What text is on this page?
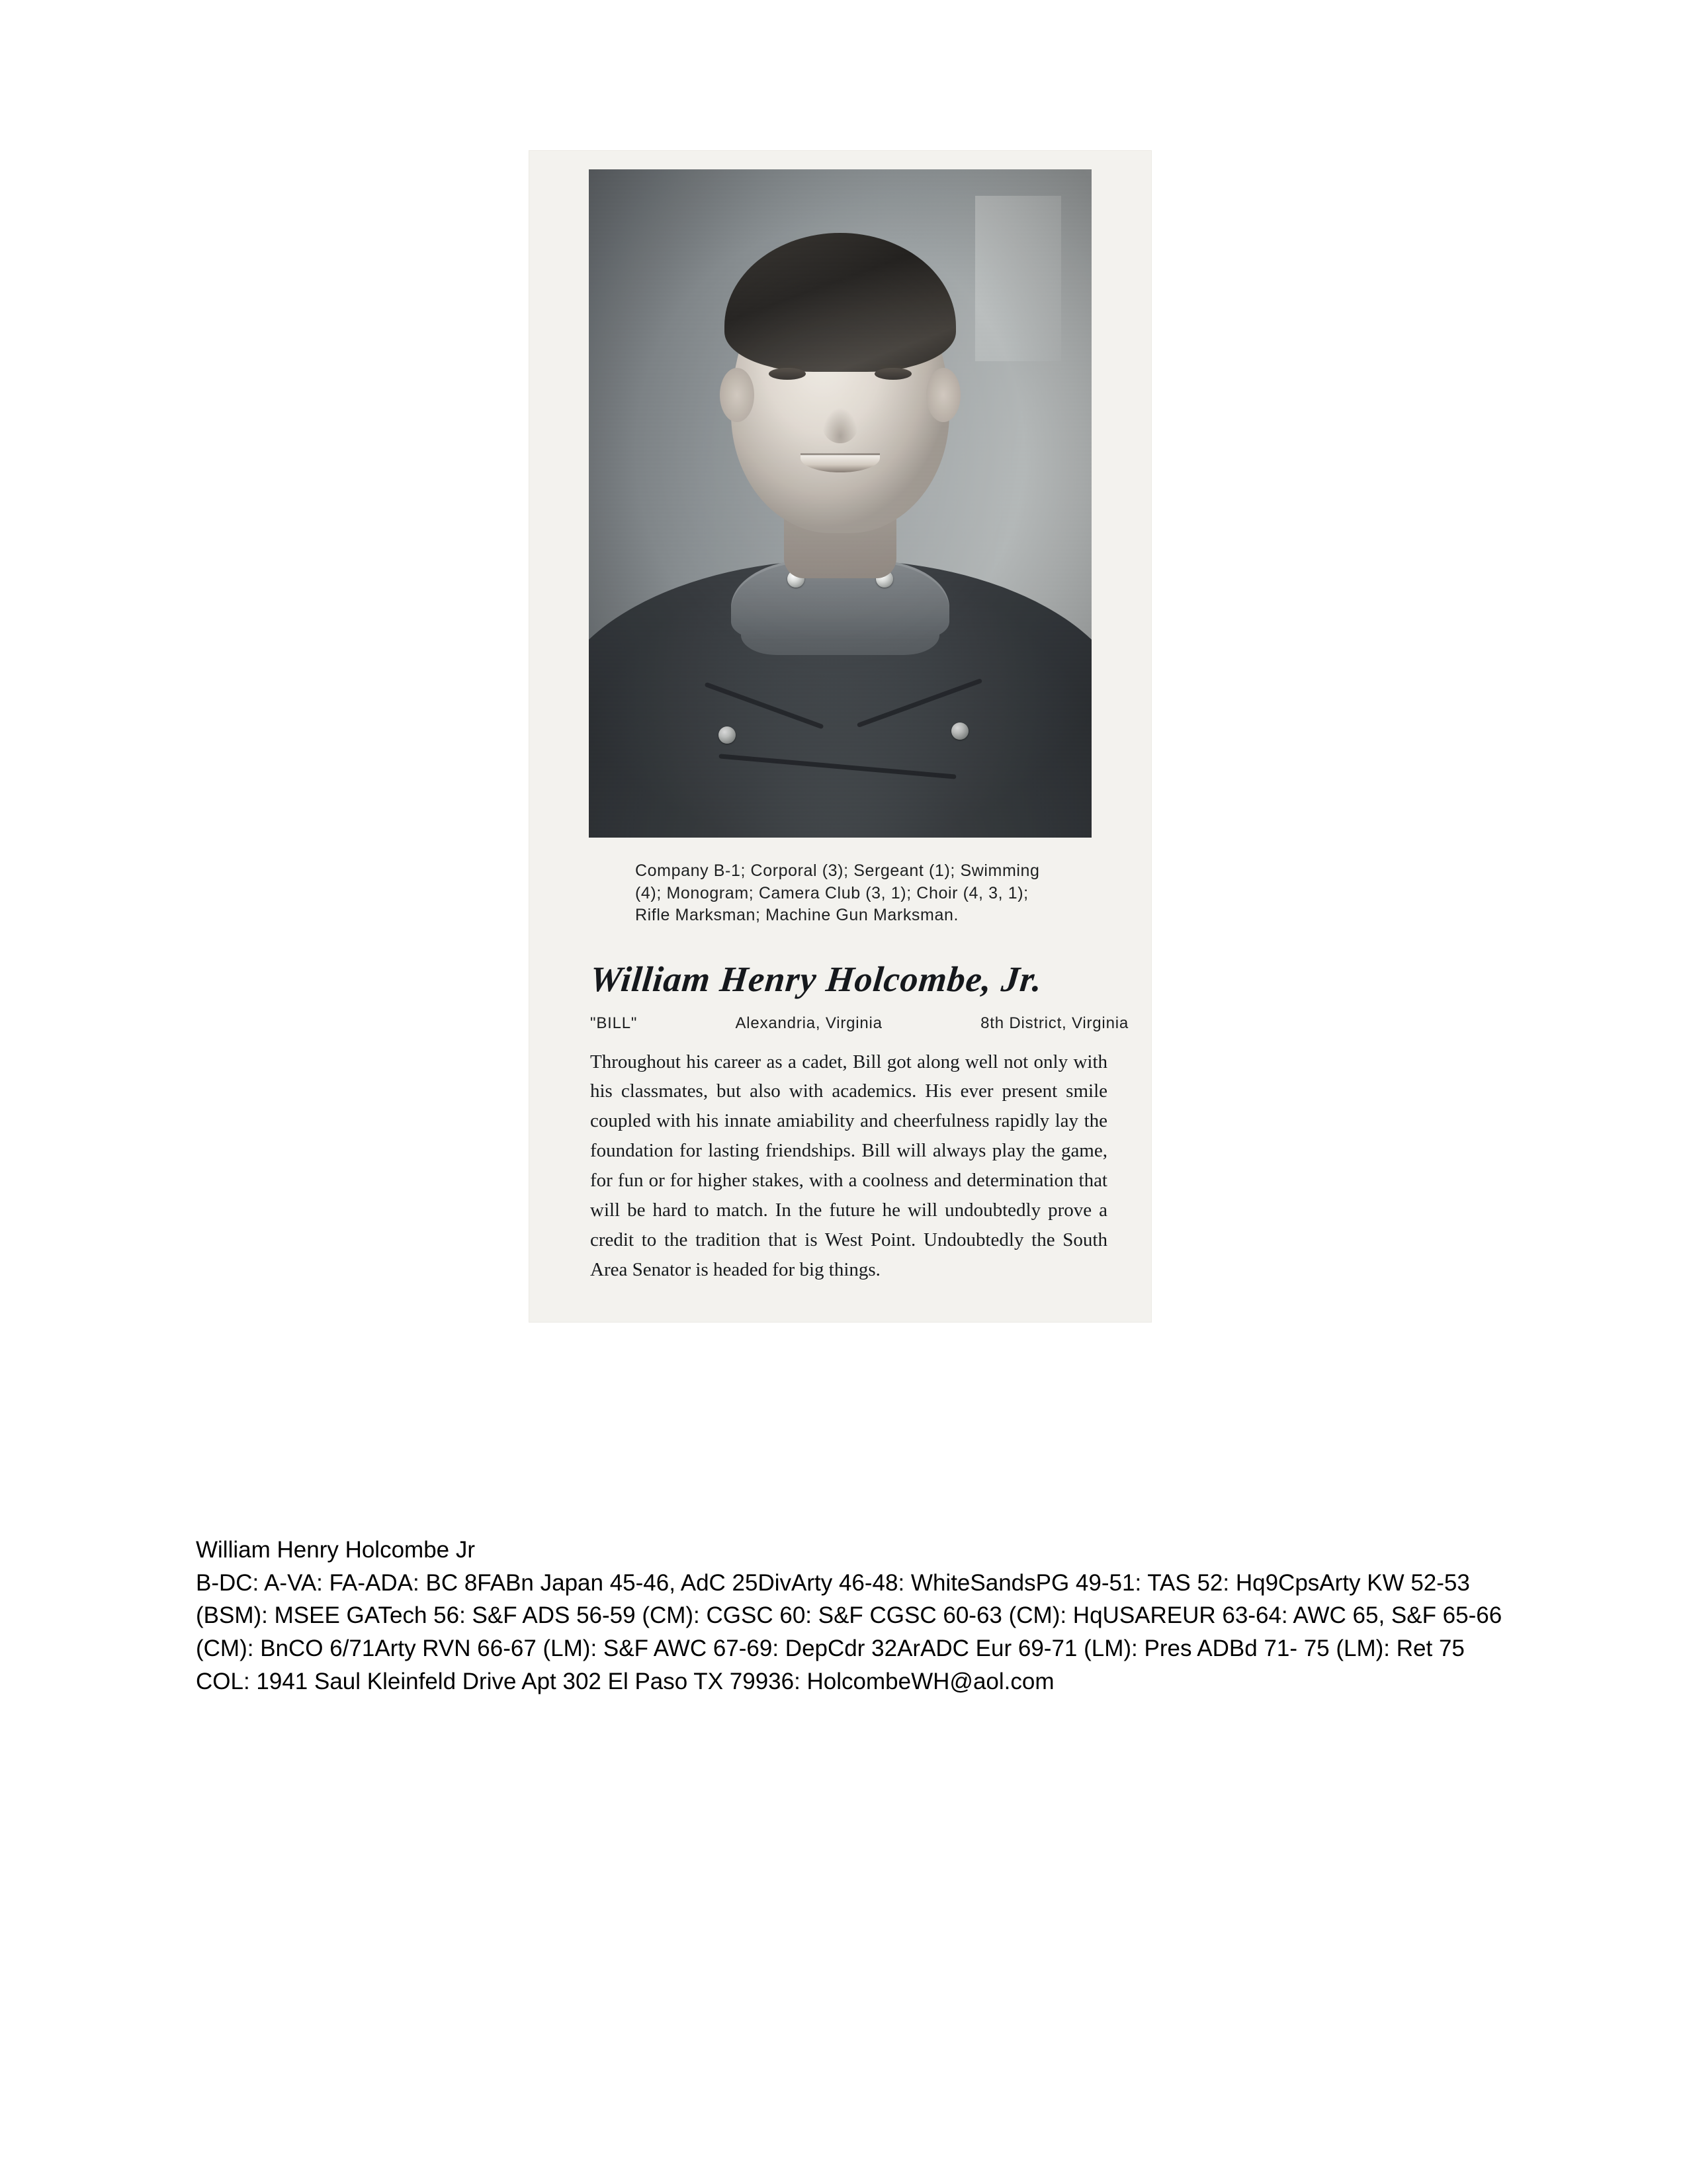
Company B-1; Corporal (3); Sergeant (1); Swimming (4); Monogram; Camera Club (3, 1); Choir (4, 3, 1); Rifle Marksman; Machine Gun Marksman.
William Henry Holcombe, Jr.
"BILL"	Alexandria, Virginia	8th District, Virginia
Throughout his career as a cadet, Bill got along well not only with his classmates, but also with academics. His ever present smile coupled with his innate amiability and cheerfulness rapidly lay the foundation for lasting friendships. Bill will always play the game, for fun or for higher stakes, with a coolness and determination that will be hard to match. In the future he will undoubtedly prove a credit to the tradition that is West Point. Undoubtedly the South Area Senator is headed for big things.
William Henry Holcombe Jr
B-DC: A-VA: FA-ADA: BC 8FABn Japan 45-46, AdC 25DivArty 46-48: WhiteSandsPG 49-51: TAS 52: Hq9CpsArty KW 52-53 (BSM): MSEE GATech 56: S&F ADS 56-59 (CM): CGSC 60: S&F CGSC 60-63 (CM): HqUSAREUR 63-64: AWC 65, S&F 65-66 (CM): BnCO 6/71Arty RVN 66-67 (LM): S&F AWC 67-69: DepCdr 32ArADC Eur 69-71 (LM): Pres ADBd 71- 75 (LM): Ret 75 COL: 1941 Saul Kleinfeld Drive Apt 302 El Paso TX 79936: HolcombeWH@aol.com
